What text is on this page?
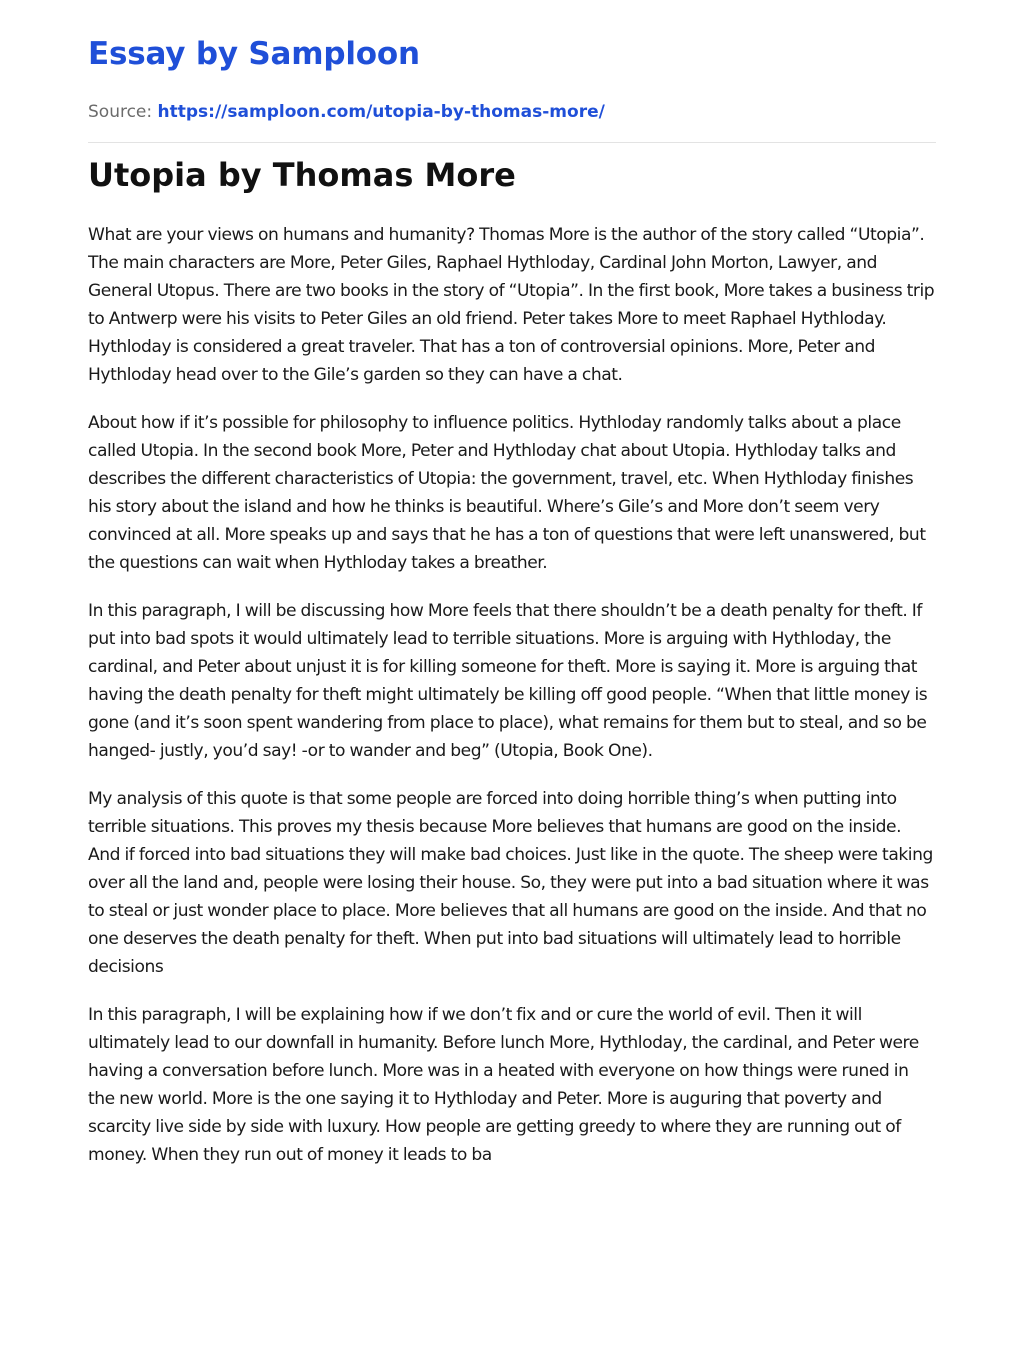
Essay by Samploon
Source: https://samploon.com/utopia-by-thomas-more/
Utopia by Thomas More

What are your views on humans and humanity? Thomas More is the author of the story called “Utopia”. The main characters are More, Peter Giles, Raphael Hythloday, Cardinal John Morton, Lawyer, and General Utopus. There are two books in the story of “Utopia”. In the first book, More takes a business trip to Antwerp were his visits to Peter Giles an old friend. Peter takes More to meet Raphael Hythloday. Hythloday is considered a great traveler. That has a ton of controversial opinions. More, Peter and Hythloday head over to the Gile’s garden so they can have a chat.

About how if it’s possible for philosophy to influence politics. Hythloday randomly talks about a place called Utopia. In the second book More, Peter and Hythloday chat about Utopia. Hythloday talks and describes the different characteristics of Utopia: the government, travel, etc. When Hythloday finishes his story about the island and how he thinks is beautiful. Where’s Gile’s and More don’t seem very convinced at all. More speaks up and says that he has a ton of questions that were left unanswered, but the questions can wait when Hythloday takes a breather.

In this paragraph, I will be discussing how More feels that there shouldn’t be a death penalty for theft. If put into bad spots it would ultimately lead to terrible situations. More is arguing with Hythloday, the cardinal, and Peter about unjust it is for killing someone for theft. More is saying it. More is arguing that having the death penalty for theft might ultimately be killing off good people. “When that little money is gone (and it’s soon spent wandering from place to place), what remains for them but to steal, and so be hanged- justly, you’d say! -or to wander and beg” (Utopia, Book One).

My analysis of this quote is that some people are forced into doing horrible thing’s when putting into terrible situations. This proves my thesis because More believes that humans are good on the inside. And if forced into bad situations they will make bad choices. Just like in the quote. The sheep were taking over all the land and, people were losing their house. So, they were put into a bad situation where it was to steal or just wonder place to place. More believes that all humans are good on the inside. And that no one deserves the death penalty for theft. When put into bad situations will ultimately lead to horrible decisions

In this paragraph, I will be explaining how if we don’t fix and or cure the world of evil. Then it will ultimately lead to our downfall in humanity. Before lunch More, Hythloday, the cardinal, and Peter were having a conversation before lunch. More was in a heated with everyone on how things were runed in the new world. More is the one saying it to Hythloday and Peter. More is auguring that poverty and scarcity live side by side with luxury. How people are getting greedy to where they are running out of money. When they run out of money it leads to ba
